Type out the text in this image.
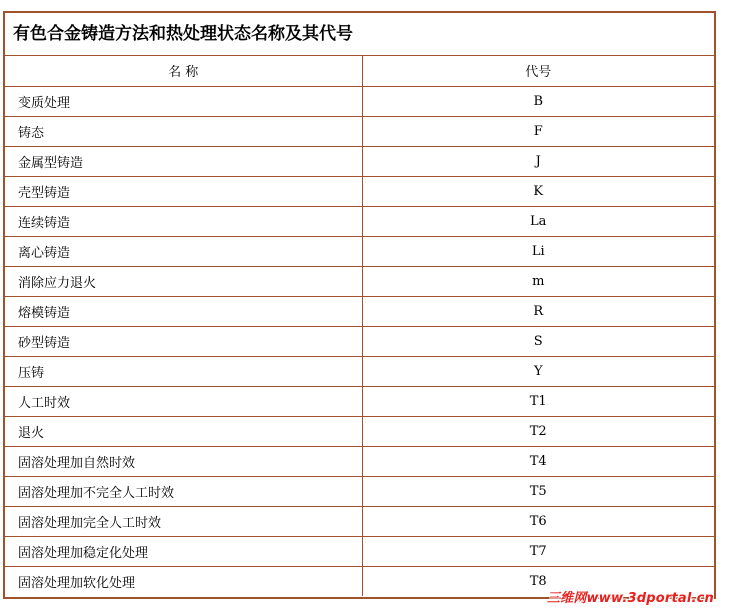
有色合金铸造方法和热处理状态名称及其代号
名 称	代号
变质处理	B
铸态	F
金属型铸造	J
壳型铸造	K
连续铸造	La
离心铸造	Li
消除应力退火	m
熔模铸造	R
砂型铸造	S
压铸	Y
人工时效	T1
退火	T2
固溶处理加自然时效	T4
固溶处理加不完全人工时效	T5
固溶处理加完全人工时效	T6
固溶处理加稳定化处理	T7
固溶处理加软化处理	T8
三维网www.3dportal.cn
